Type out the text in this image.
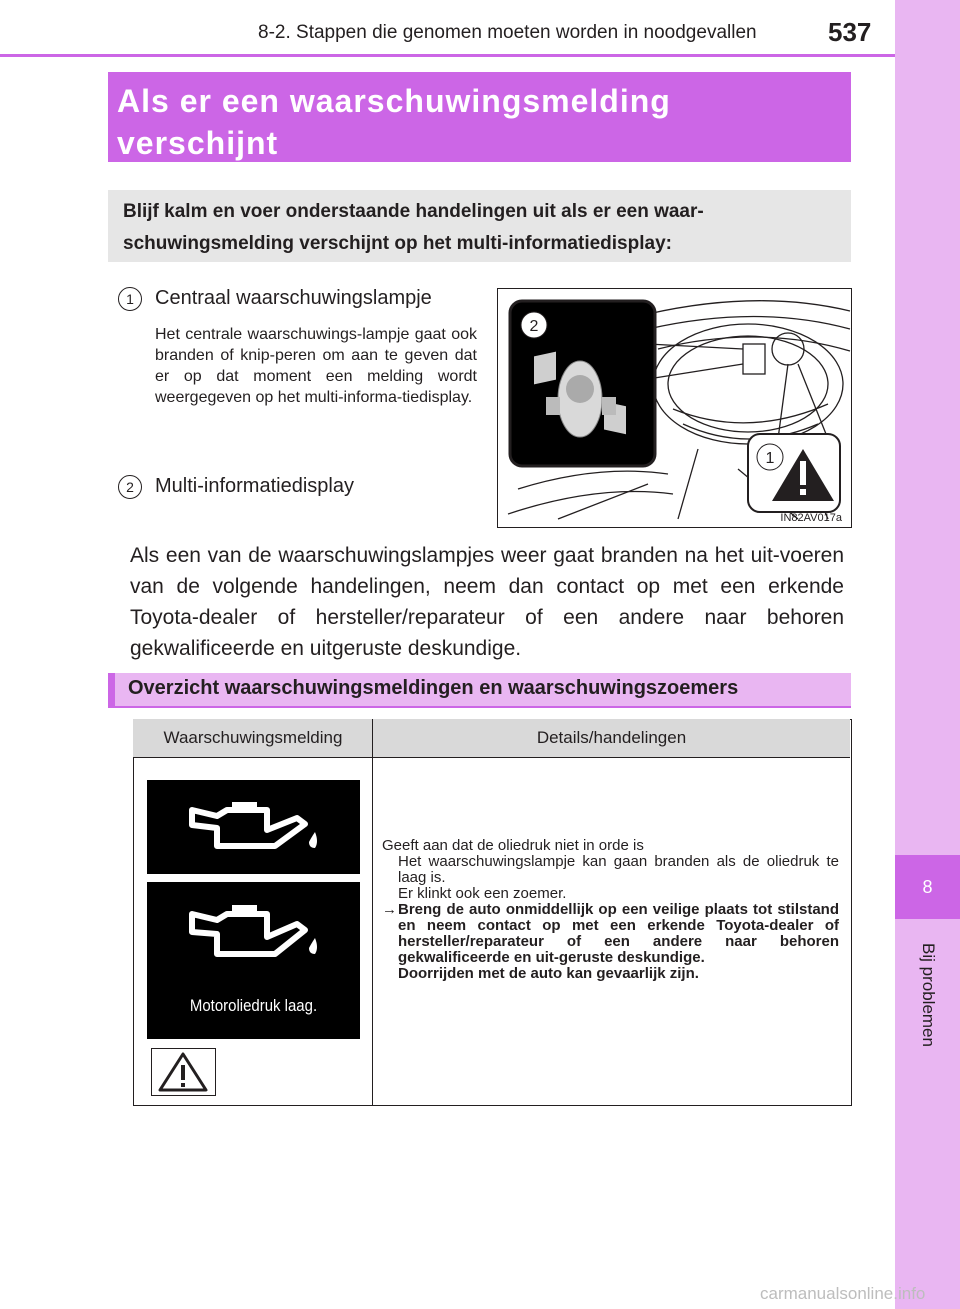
8
Bij problemen
8-2. Stappen die genomen moeten worden in noodgevallen	537
Als er een waarschuwingsmelding verschijnt
Blijf kalm en voer onderstaande handelingen uit als er een waar-schuwingsmelding verschijnt op het multi-informatiedisplay:
1	Centraal waarschuwingslampje
Het centrale waarschuwings-lampje gaat ook branden of knip-peren om aan te geven dat er op dat moment een melding wordt weergegeven op het multi-informa-tiedisplay.
2	Multi-informatiedisplay
2
1
IN82AV017a
Als een van de waarschuwingslampjes weer gaat branden na het uit-voeren van de volgende handelingen, neem dan contact op met een erkende Toyota-dealer of hersteller/reparateur of een andere naar behoren gekwalificeerde en uitgeruste deskundige.
Overzicht waarschuwingsmeldingen en waarschuwingszoemers
Waarschuwingsmelding	Details/handelingen
Motoroliedruk laag.
Geeft aan dat de oliedruk niet in orde is
Het waarschuwingslampje kan gaan branden als de oliedruk te laag is.
Er klinkt ook een zoemer.
→ Breng de auto onmiddellijk op een veilige plaats tot stilstand en neem contact op met een erkende Toyota-dealer of hersteller/reparateur of een andere naar behoren gekwalificeerde en uit-geruste deskundige.
Doorrijden met de auto kan gevaarlijk zijn.
carmanualsonline.info
